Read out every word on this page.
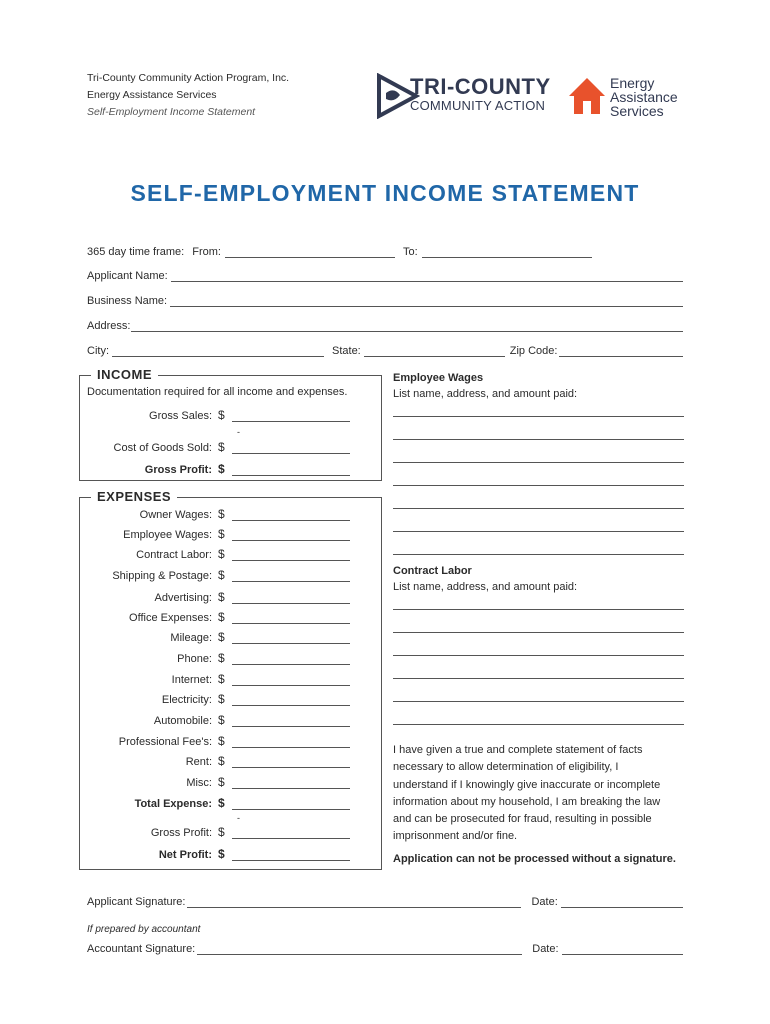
Tri-County Community Action Program, Inc.
Energy Assistance Services
Self-Employment Income Statement
TRI-COUNTY
COMMUNITY ACTION
Energy
Assistance
Services
SELF-EMPLOYMENT INCOME STATEMENT
365 day time frame: From:	To:
Applicant Name:
Business Name:
Address:
City:	State:	Zip Code:
INCOME
Documentation required for all income and expenses.
Gross Sales: $
-
Cost of Goods Sold: $
Gross Profit: $
EXPENSES
Owner Wages: $
Employee Wages: $
Contract Labor: $
Shipping & Postage: $
Advertising: $
Office Expenses: $
Mileage: $
Phone: $
Internet: $
Electricity: $
Automobile: $
Professional Fee's: $
Rent: $
Misc: $
Total Expense: $
-
Gross Profit: $
Net Profit: $
Employee Wages
List name, address, and amount paid:
Contract Labor
List name, address, and amount paid:
I have given a true and complete statement of facts necessary to allow determination of eligibility, I understand if I knowingly give inaccurate or incomplete information about my household, I am breaking the law and can be prosecuted for fraud, resulting in possible imprisonment and/or fine.
Application can not be processed without a signature.
Applicant Signature:	Date:
If prepared by accountant
Accountant Signature:	Date:
